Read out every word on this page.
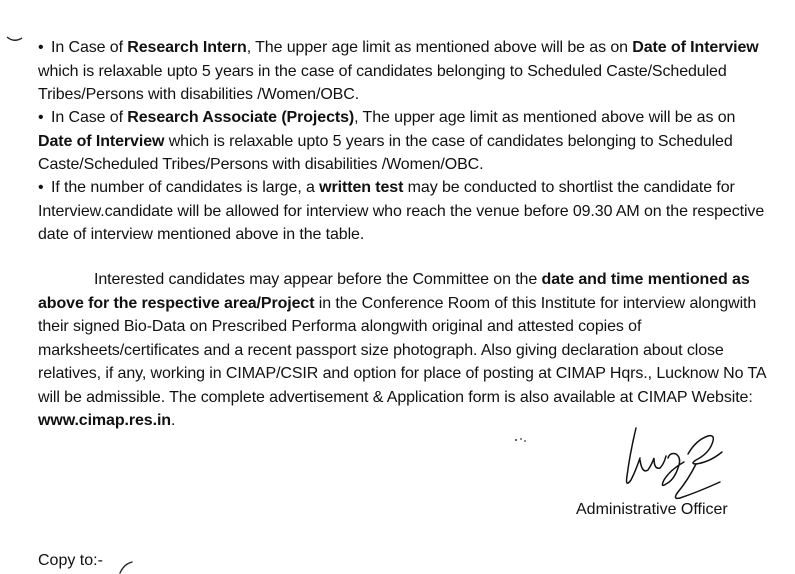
• In Case of Research Intern, The upper age limit as mentioned above will be as on Date of Interview which is relaxable upto 5 years in the case of candidates belonging to Scheduled Caste/Scheduled Tribes/Persons with disabilities /Women/OBC.
• In Case of Research Associate (Projects), The upper age limit as mentioned above will be as on Date of Interview which is relaxable upto 5 years in the case of candidates belonging to Scheduled Caste/Scheduled Tribes/Persons with disabilities /Women/OBC.
• If the number of candidates is large, a written test may be conducted to shortlist the candidate for Interview.candidate will be allowed for interview who reach the venue before 09.30 AM on the respective date of interview mentioned above in the table.
Interested candidates may appear before the Committee on the date and time mentioned as above for the respective area/Project in the Conference Room of this Institute for interview alongwith their signed Bio-Data on Prescribed Performa alongwith original and attested copies of marksheets/certificates and a recent passport size photograph. Also giving declaration about close relatives, if any, working in CIMAP/CSIR and option for place of posting at CIMAP Hqrs., Lucknow No TA will be admissible. The complete advertisement & Application form is also available at CIMAP Website: www.cimap.res.in.
Administrative Officer
Copy to:-
